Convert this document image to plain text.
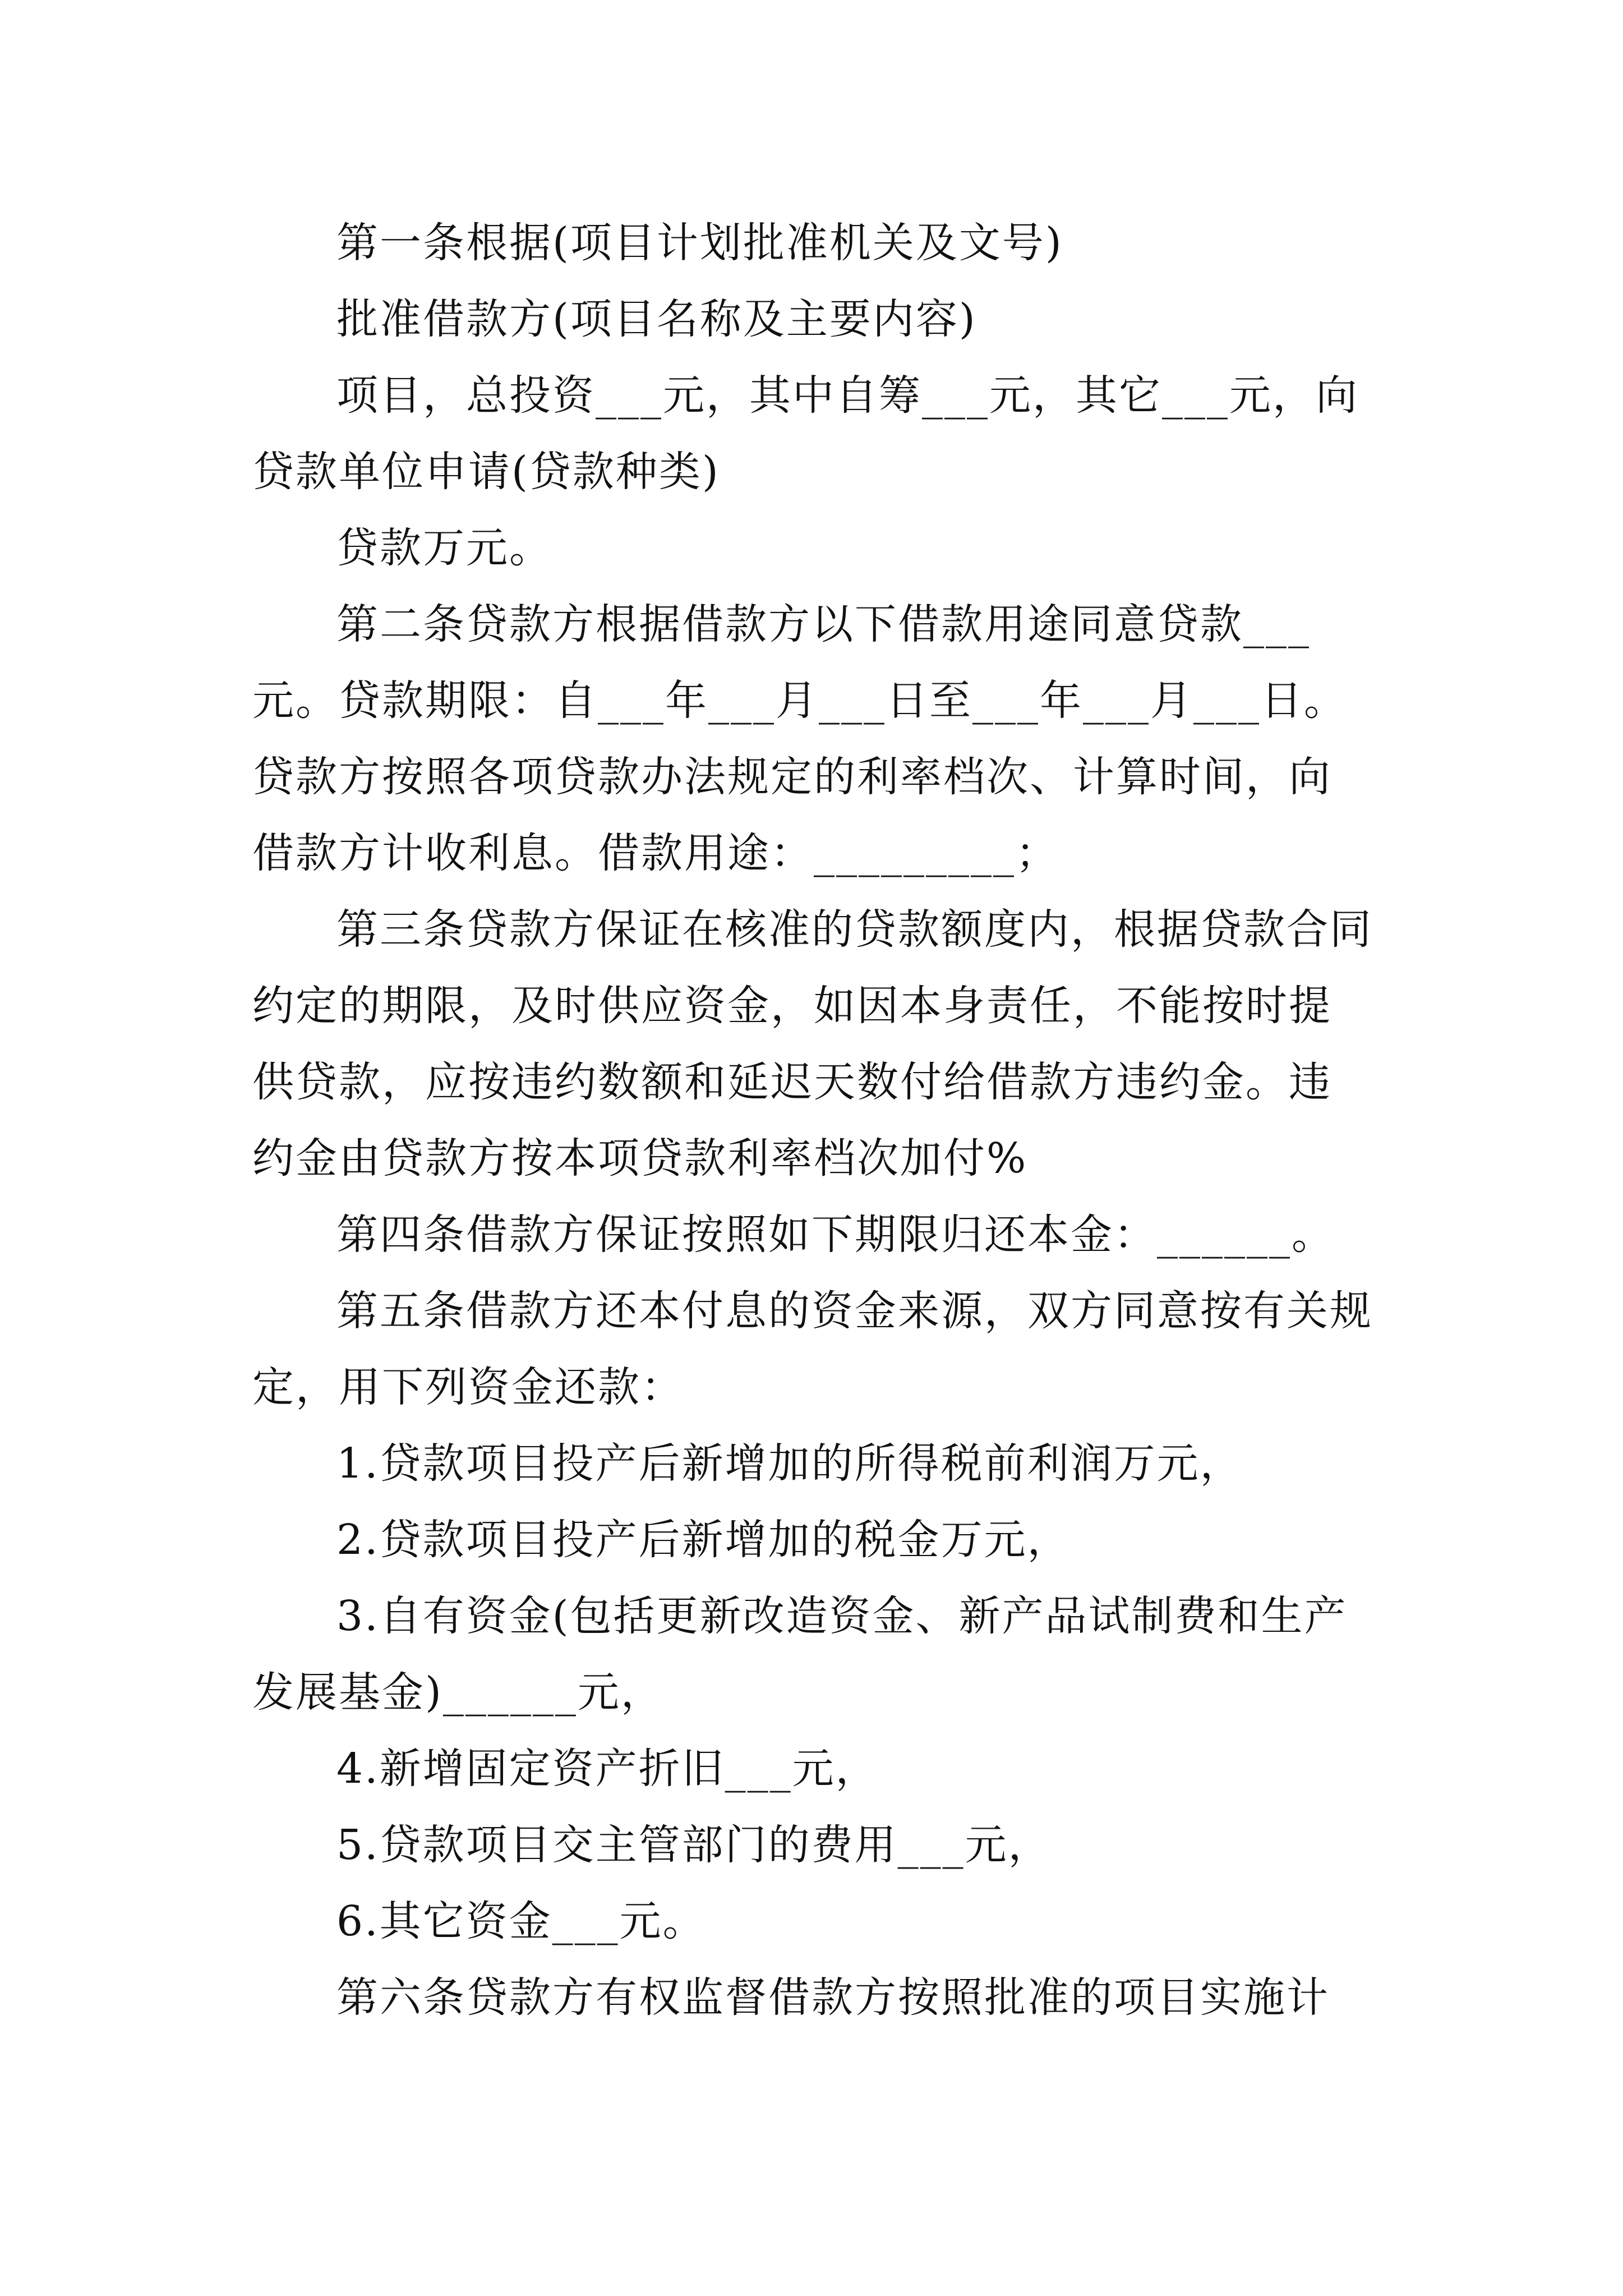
第一条根据(项目计划批准机关及文号)

批准借款方(项目名称及主要内容)

项目，总投资___元，其中自筹___元，其它___元，向贷款单位申请(贷款种类)

贷款万元。

第二条贷款方根据借款方以下借款用途同意贷款___元。贷款期限：自___年___月___日至___年___月___日。贷款方按照各项贷款办法规定的利率档次、计算时间，向借款方计收利息。借款用途：_________；

第三条贷款方保证在核准的贷款额度内，根据贷款合同约定的期限，及时供应资金，如因本身责任，不能按时提供贷款，应按违约数额和延迟天数付给借款方违约金。违约金由贷款方按本项贷款利率档次加付%

第四条借款方保证按照如下期限归还本金：______。

第五条借款方还本付息的资金来源，双方同意按有关规定，用下列资金还款：

1.贷款项目投产后新增加的所得税前利润万元，

2.贷款项目投产后新增加的税金万元，

3.自有资金(包括更新改造资金、新产品试制费和生产发展基金)______元，

4.新增固定资产折旧___元，

5.贷款项目交主管部门的费用___元，

6.其它资金___元。

第六条贷款方有权监督借款方按照批准的项目实施计
